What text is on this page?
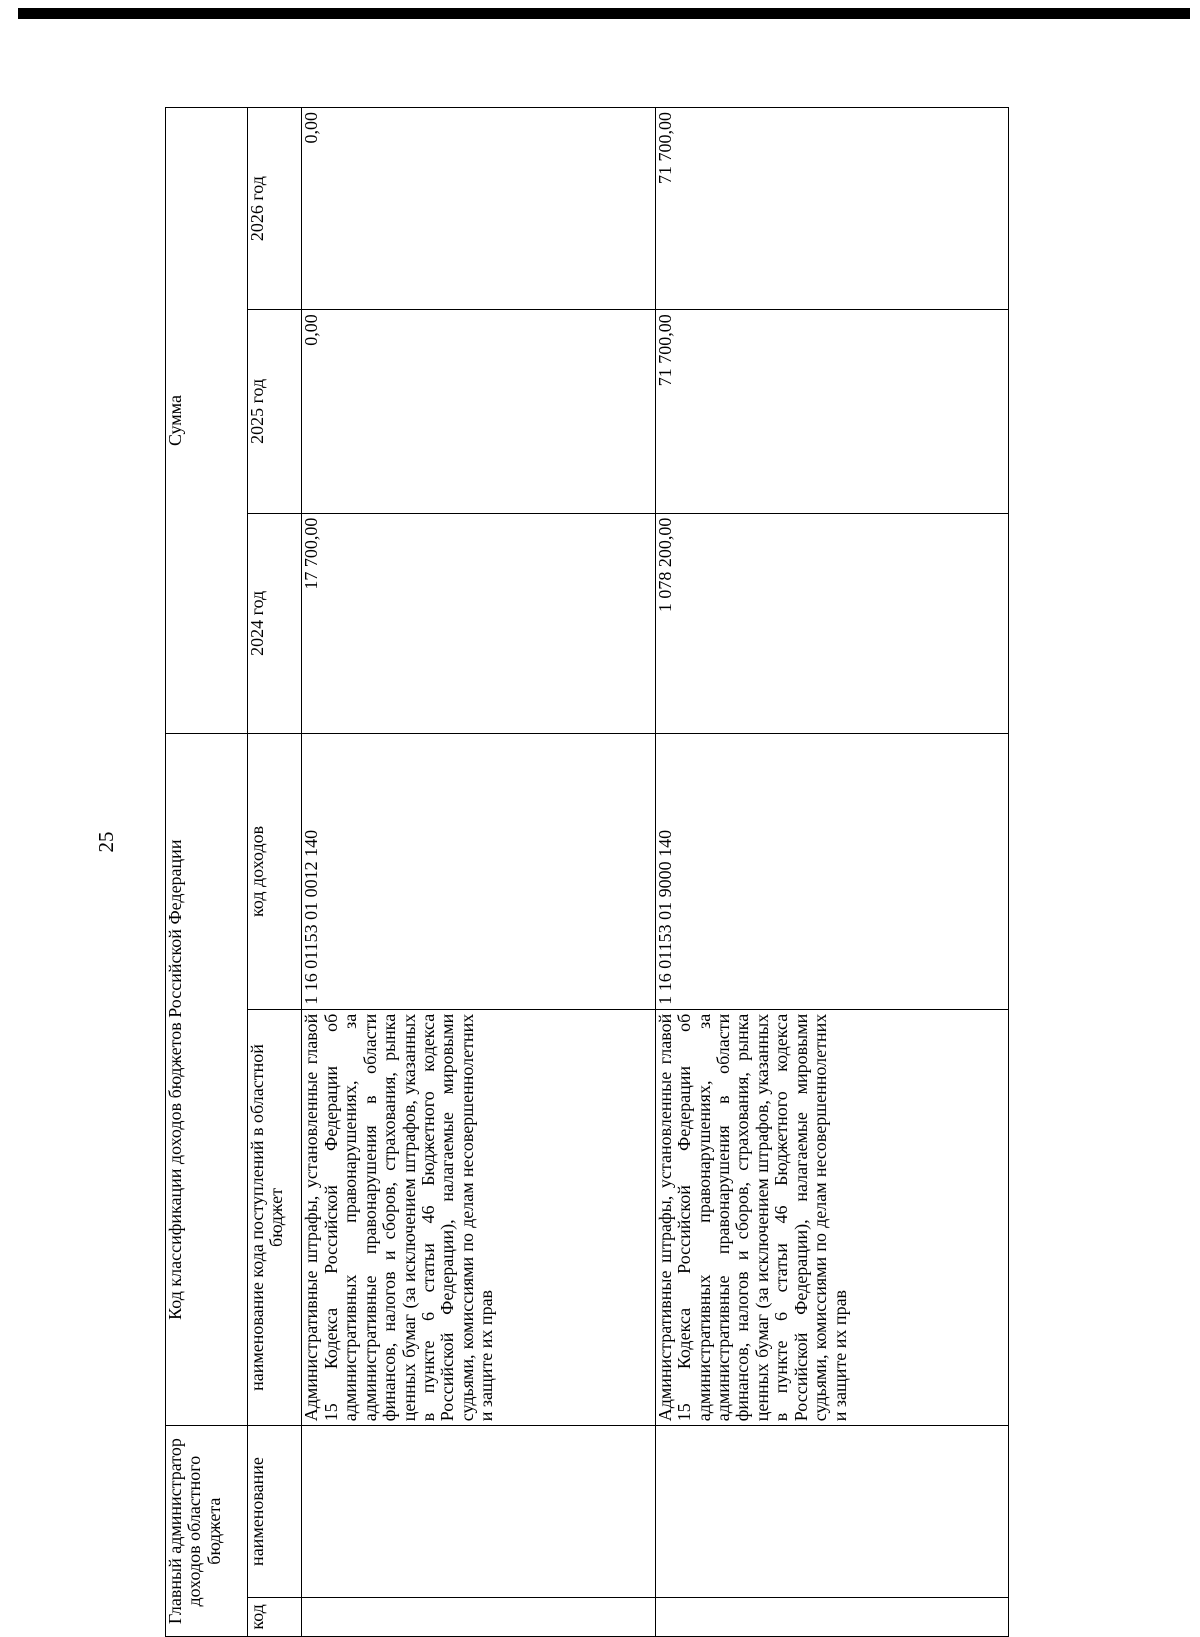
25
Главный администратор доходов областного бюджета		Код классификации доходов бюджетов Российской Федерации		Сумма		
код	наименование	наименование кода поступлений в областной бюджет	код доходов	2024 год	2025 год	2026 год
		Административные штрафы, установленные главой 15 Кодекса Российской Федерации об административных правонарушениях, за административные правонарушения в области финансов, налогов и сборов, страхования, рынка ценных бумаг (за исключением штрафов, указанных в пункте 6 статьи 46 Бюджетного кодекса Российской Федерации), налагаемые мировыми судьями, комиссиями по делам несовершеннолетних и защите их прав	1 16 01153 01 0012 140	17 700,00	0,00	0,00
		Административные штрафы, установленные главой 15 Кодекса Российской Федерации об административных правонарушениях, за административные правонарушения в области финансов, налогов и сборов, страхования, рынка ценных бумаг (за исключением штрафов, указанных в пункте 6 статьи 46 Бюджетного кодекса Российской Федерации), налагаемые мировыми судьями, комиссиями по делам несовершеннолетних и защите их прав	1 16 01153 01 9000 140	1 078 200,00	71 700,00	71 700,00
